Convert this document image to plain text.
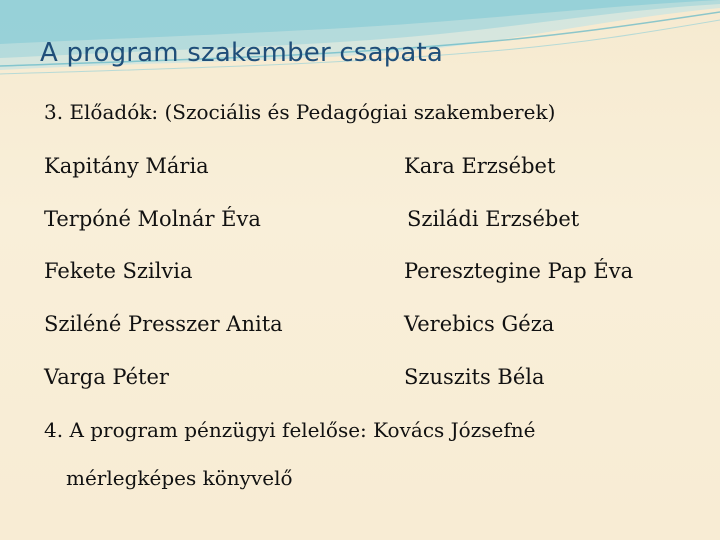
A program szakember csapata
3. Előadók: (Szociális és Pedagógiai szakemberek)
Kapitány Mária	Kara Erzsébet
Terpóné Molnár Éva	Sziládi Erzsébet
Fekete Szilvia	Peresztegine Pap Éva
Sziléné Presszer Anita	Verebics Géza
Varga Péter	Szuszits Béla
4. A program pénzügyi felelőse: Kovács Józsefné
mérlegképes könyvelő
